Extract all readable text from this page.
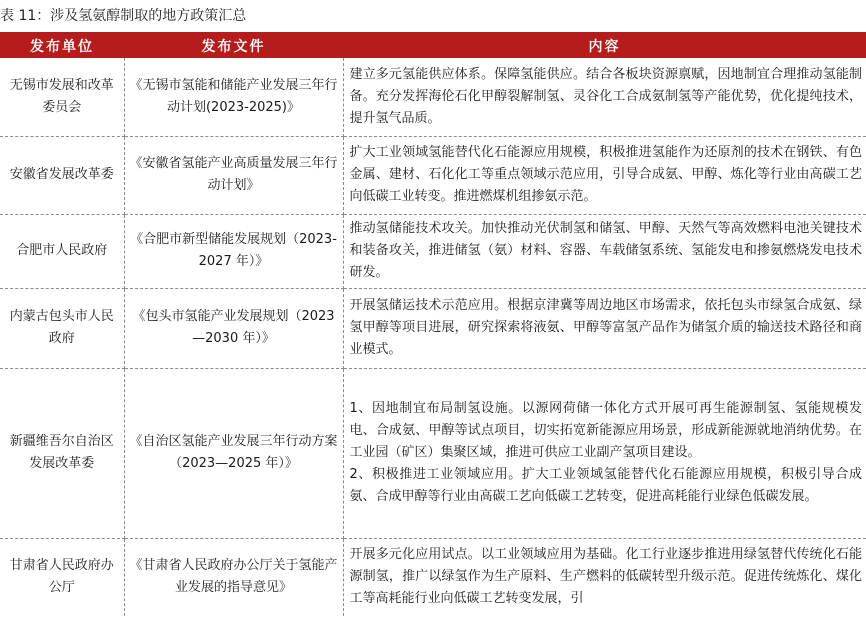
表 11：涉及氢氨醇制取的地方政策汇总
发布单位	发布文件	内容
无锡市发展和改革委员会	《无锡市氢能和储能产业发展三年行动计划(2023-2025)》	建立多元氢能供应体系。保障氢能供应。结合各板块资源禀赋，因地制宜合理推动氢能制备。充分发挥海伦石化甲醇裂解制氢、灵谷化工合成氨制氢等产能优势，优化提纯技术，提升氢气品质。
安徽省发展改革委	《安徽省氢能产业高质量发展三年行动计划》	扩大工业领域氢能替代化石能源应用规模，积极推进氢能作为还原剂的技术在钢铁、有色金属、建材、石化化工等重点领域示范应用，引导合成氨、甲醇、炼化等行业由高碳工艺向低碳工业转变。推进燃煤机组掺氨示范。
合肥市人民政府	《合肥市新型储能发展规划（2023-2027 年）》	推动氢储能技术攻关。加快推动光伏制氢和储氢、甲醇、天然气等高效燃料电池关键技术和装备攻关，推进储氢（氨）材料、容器、车载储氢系统、氢能发电和掺氨燃烧发电技术研发。
内蒙古包头市人民政府	《包头市氢能产业发展规划（2023—2030 年）》	开展氢储运技术示范应用。根据京津冀等周边地区市场需求，依托包头市绿氢合成氨、绿氢甲醇等项目进展，研究探索将液氨、甲醇等富氢产品作为储氢介质的输送技术路径和商业模式。
新疆维吾尔自治区发展改革委	《自治区氢能产业发展三年行动方案（2023—2025 年）》	1、因地制宜布局制氢设施。以源网荷储一体化方式开展可再生能源制氢、氢能规模发电、合成氨、甲醇等试点项目，切实拓宽新能源应用场景，形成新能源就地消纳优势。在工业园（矿区）集聚区域，推进可供应工业副产氢项目建设。
2、积极推进工业领域应用。扩大工业领域氢能替代化石能源应用规模，积极引导合成氨、合成甲醇等行业由高碳工艺向低碳工艺转变，促进高耗能行业绿色低碳发展。

甘肃省人民政府办公厅	《甘肃省人民政府办公厅关于氢能产业发展的指导意见》	开展多元化应用试点。以工业领域应用为基础。化工行业逐步推进用绿氢替代传统化石能源制氢，推广以绿氢作为生产原料、生产燃料的低碳转型升级示范。促进传统炼化、煤化工等高耗能行业向低碳工艺转变发展，引
